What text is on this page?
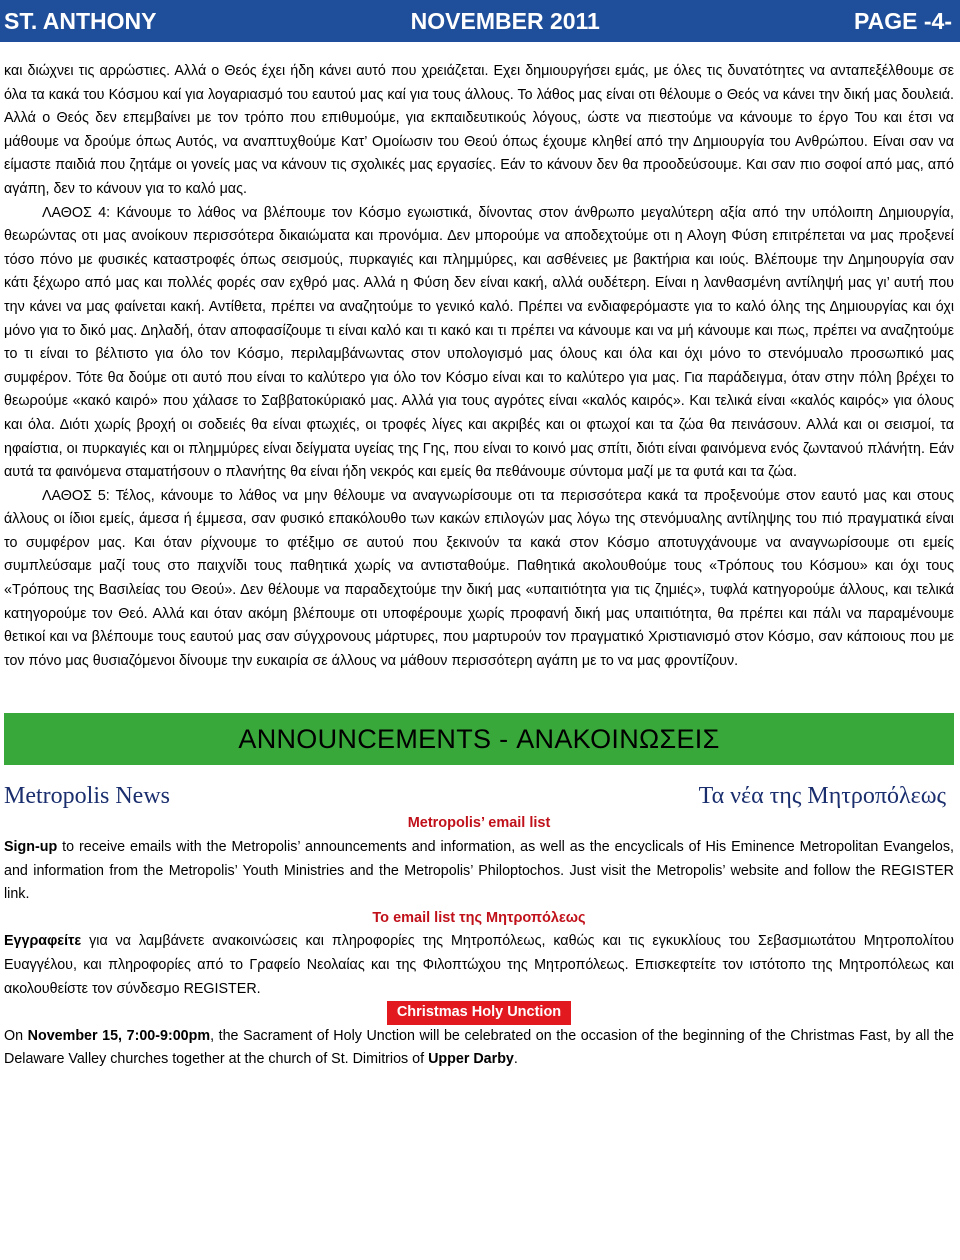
ST. ANTHONY	NOVEMBER 2011	PAGE -4-

και διώχνει τις αρρώστιες. Αλλά ο Θεός έχει ήδη κάνει αυτό που χρειάζεται. Εχει δημιουργήσει εμάς, με όλες τις δυνατότητες να ανταπεξέλθουμε σε όλα τα κακά του Κόσμου καί για λογαριασμό του εαυτού μας καί για τους άλλους. Το λάθος μας είναι οτι θέλουμε ο Θεός να κάνει την δική μας δουλειά. Αλλά ο Θεός δεν επεμβαίνει με τον τρόπο που επιθυμούμε, για εκπαιδευτικούς λόγους, ώστε να πιεστούμε να κάνουμε το έργο Του και έτσι να μάθουμε να δρούμε όπως Αυτός, να αναπτυχθούμε Κατ’ Ομοίωσιν του Θεού όπως έχουμε κληθεί από την Δημιουργία του Ανθρώπου. Είναι σαν να είμαστε παιδιά που ζητάμε οι γονείς μας να κάνουν τις σχολικές μας εργασίες. Εάν το κάνουν δεν θα προοδεύσουμε. Και σαν πιο σοφοί από μας, από αγάπη, δεν το κάνουν για το καλό μας.

ΛΑΘΟΣ 4: Κάνουμε το λάθος να βλέπουμε τον Κόσμο εγωιστικά, δίνοντας στον άνθρωπο μεγαλύτερη αξία από την υπόλοιπη Δημιουργία, θεωρώντας οτι μας ανοίκουν περισσότερα δικαιώματα και προνόμια. Δεν μπορούμε να αποδεχτούμε οτι η Αλογη Φύση επιτρέπεται να μας προξενεί τόσο πόνο με φυσικές καταστροφές όπως σεισμούς, πυρκαγιές και πλημμύρες, και ασθένειες με βακτήρια και ιούς. Βλέπουμε την Δημηουργία σαν κάτι ξέχωρο από μας και πολλές φορές σαν εχθρό μας. Αλλά η Φύση δεν είναι κακή, αλλά ουδέτερη. Είναι η λανθασμένη αντίληψή μας γι’ αυτή που την κάνει να μας φαίνεται κακή. Αντίθετα, πρέπει να αναζητούμε το γενικό καλό. Πρέπει να ενδιαφερόμαστε για το καλό όλης της Δημιουργίας και όχι μόνο για το δικό μας. Δηλαδή, όταν αποφασίζουμε τι είναι καλό και τι κακό και τι πρέπει να κάνουμε και να μή κάνουμε και πως, πρέπει να αναζητούμε το τι είναι το βέλτιστο για όλο τον Κόσμο, περιλαμβάνωντας στον υπολογισμό μας όλους και όλα και όχι μόνο το στενόμυαλο προσωπικό μας συμφέρον. Τότε θα δούμε οτι αυτό που είναι το καλύτερο για όλο τον Κόσμο είναι και το καλύτερο για μας. Για παράδειγμα, όταν στην πόλη βρέχει το θεωρούμε «κακό καιρό» που χάλασε το Σαββατοκύριακό μας. Αλλά για τους αγρότες είναι «καλός καιρός». Και τελικά είναι «καλός καιρός» για όλους και όλα. Διότι χωρίς βροχή οι σοδειές θα είναι φτωχιές, οι τροφές λίγες και ακριβές και οι φτωχοί και τα ζώα θα πεινάσουν. Αλλά και οι σεισμοί, τα ηφαίστια, οι πυρκαγιές και οι πλημμύρες είναι δείγματα υγείας της Γης, που είναι το κοινό μας σπίτι, διότι είναι φαινόμενα ενός ζωντανού πλάνήτη. Εάν αυτά τα φαινόμενα σταματήσουν ο πλανήτης θα είναι ήδη νεκρός και εμείς θα πεθάνουμε σύντομα μαζί με τα φυτά και τα ζώα.

ΛΑΘΟΣ 5: Τέλος, κάνουμε το λάθος να μην θέλουμε να αναγνωρίσουμε οτι τα περισσότερα κακά τα προξενούμε στον εαυτό μας και στους άλλους οι ίδιοι εμείς, άμεσα ή έμμεσα, σαν φυσικό επακόλουθο των κακών επιλογών μας λόγω της στενόμυαλης αντίληψης του πιό πραγματικά είναι το συμφέρον μας. Και όταν ρίχνουμε το φτέξιμο σε αυτού που ξεκινούν τα κακά στον Κόσμο αποτυγχάνουμε να αναγνωρίσουμε οτι εμείς συμπλεύσαμε μαζί τους στο παιχνίδι τους παθητικά χωρίς να αντισταθούμε. Παθητικά ακολουθούμε τους «Τρόπους του Κόσμου» και όχι τους «Τρόπους της Βασιλείας του Θεού». Δεν θέλουμε να παραδεχτούμε την δική μας «υπαιτιότητα για τις ζημιές», τυφλά κατηγορούμε άλλους, και τελικά κατηγορούμε τον Θεό. Αλλά και όταν ακόμη βλέπουμε οτι υποφέρουμε χωρίς προφανή δική μας υπαιτιότητα, θα πρέπει και πάλι να παραμένουμε θετικοί και να βλέπουμε τους εαυτού μας σαν σύγχρονους μάρτυρες, που μαρτυρούν τον πραγματικό Χριστιανισμό στον Κόσμο, σαν κάποιους που με τον πόνο μας θυσιαζόμενοι δίνουμε την ευκαιρία σε άλλους να μάθουν περισσότερη αγάπη με το να μας φροντίζουν.

ANNOUNCEMENTS - ΑΝΑΚΟΙΝΩΣΕΙΣ
Metropolis News	Τα νέα της Μητροπόλεως

Metropolis’ email list

Sign-up to receive emails with the Metropolis’ announcements and information, as well as the encyclicals of His Eminence Metropolitan Evangelos, and information from the Metropolis’ Youth Ministries and the Metropolis’ Philoptochos. Just visit the Metropolis’ website and follow the REGISTER link.

Το email list της Μητροπόλεως

Εγγραφείτε για να λαμβάνετε ανακοινώσεις και πληροφορίες της Μητροπόλεως, καθώς και τις εγκυκλίους του Σεβασμιωτάτου Μητροπολίτου Ευαγγέλου, και πληροφορίες από το Γραφείο Νεολαίας και της Φιλοπτώχου της Μητροπόλεως. Επισκεφτείτε τον ιστότοπο της Μητροπόλεως και ακολουθείστε τον σύνδεσμο REGISTER.

Christmas Holy Unction

On November 15, 7:00-9:00pm, the Sacrament of Holy Unction will be celebrated on the occasion of the beginning of the Christmas Fast, by all the Delaware Valley churches together at the church of St. Dimitrios of Upper Darby.
